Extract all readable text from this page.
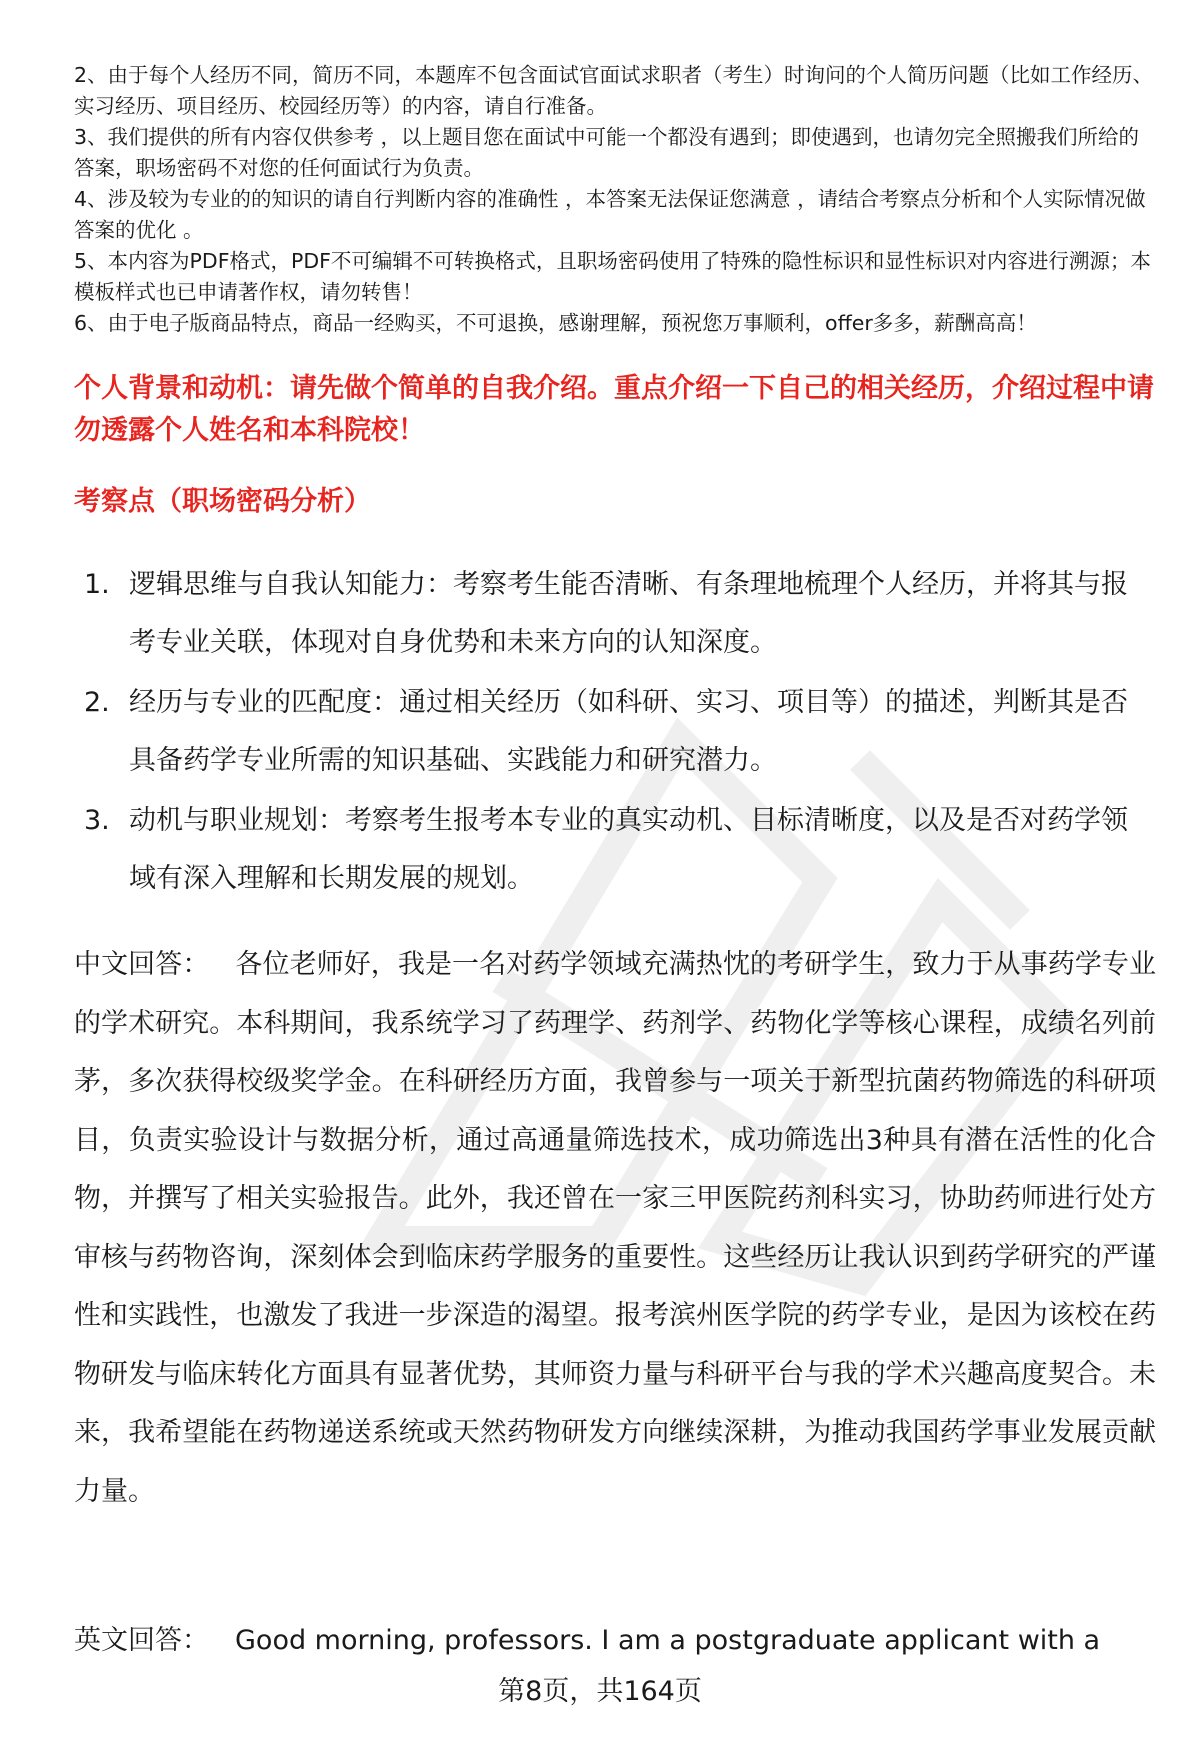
2、由于每个人经历不同，简历不同，本题库不包含面试官面试求职者（考生）时询问的个人简历问题（比如工作经历、实习经历、项目经历、校园经历等）的内容，请自行准备。

3、我们提供的所有内容仅供参考 ，以上题目您在面试中可能一个都没有遇到；即使遇到，也请勿完全照搬我们所给的答案，职场密码不对您的任何面试行为负责。

4、涉及较为专业的的知识的请自行判断内容的准确性 ，本答案无法保证您满意 ，请结合考察点分析和个人实际情况做答案的优化 。

5、本内容为PDF格式，PDF不可编辑不可转换格式，且职场密码使用了特殊的隐性标识和显性标识对内容进行溯源；本模板样式也已申请著作权，请勿转售！

6、由于电子版商品特点，商品一经购买，不可退换，感谢理解，预祝您万事顺利，offer多多，薪酬高高！

个人背景和动机：请先做个简单的自我介绍。重点介绍一下自己的相关经历，介绍过程中请勿透露个人姓名和本科院校！
考察点（职场密码分析）
1. 逻辑思维与自我认知能力：考察考生能否清晰、有条理地梳理个人经历，并将其与报考专业关联，体现对自身优势和未来方向的认知深度。
2. 经历与专业的匹配度：通过相关经历（如科研、实习、项目等）的描述，判断其是否具备药学专业所需的知识基础、实践能力和研究潜力。
3. 动机与职业规划：考察考生报考本专业的真实动机、目标清晰度，以及是否对药学领域有深入理解和长期发展的规划。

中文回答： 各位老师好，我是一名对药学领域充满热忱的考研学生，致力于从事药学专业的学术研究。本科期间，我系统学习了药理学、药剂学、药物化学等核心课程，成绩名列前茅，多次获得校级奖学金。在科研经历方面，我曾参与一项关于新型抗菌药物筛选的科研项目，负责实验设计与数据分析，通过高通量筛选技术，成功筛选出3种具有潜在活性的化合物，并撰写了相关实验报告。此外，我还曾在一家三甲医院药剂科实习，协助药师进行处方审核与药物咨询，深刻体会到临床药学服务的重要性。这些经历让我认识到药学研究的严谨性和实践性，也激发了我进一步深造的渴望。报考滨州医学院的药学专业，是因为该校在药物研发与临床转化方面具有显著优势，其师资力量与科研平台与我的学术兴趣高度契合。未来，我希望能在药物递送系统或天然药物研发方向继续深耕，为推动我国药学事业发展贡献力量。

英文回答： Good morning, professors. I am a postgraduate applicant with a

第8页，共164页
